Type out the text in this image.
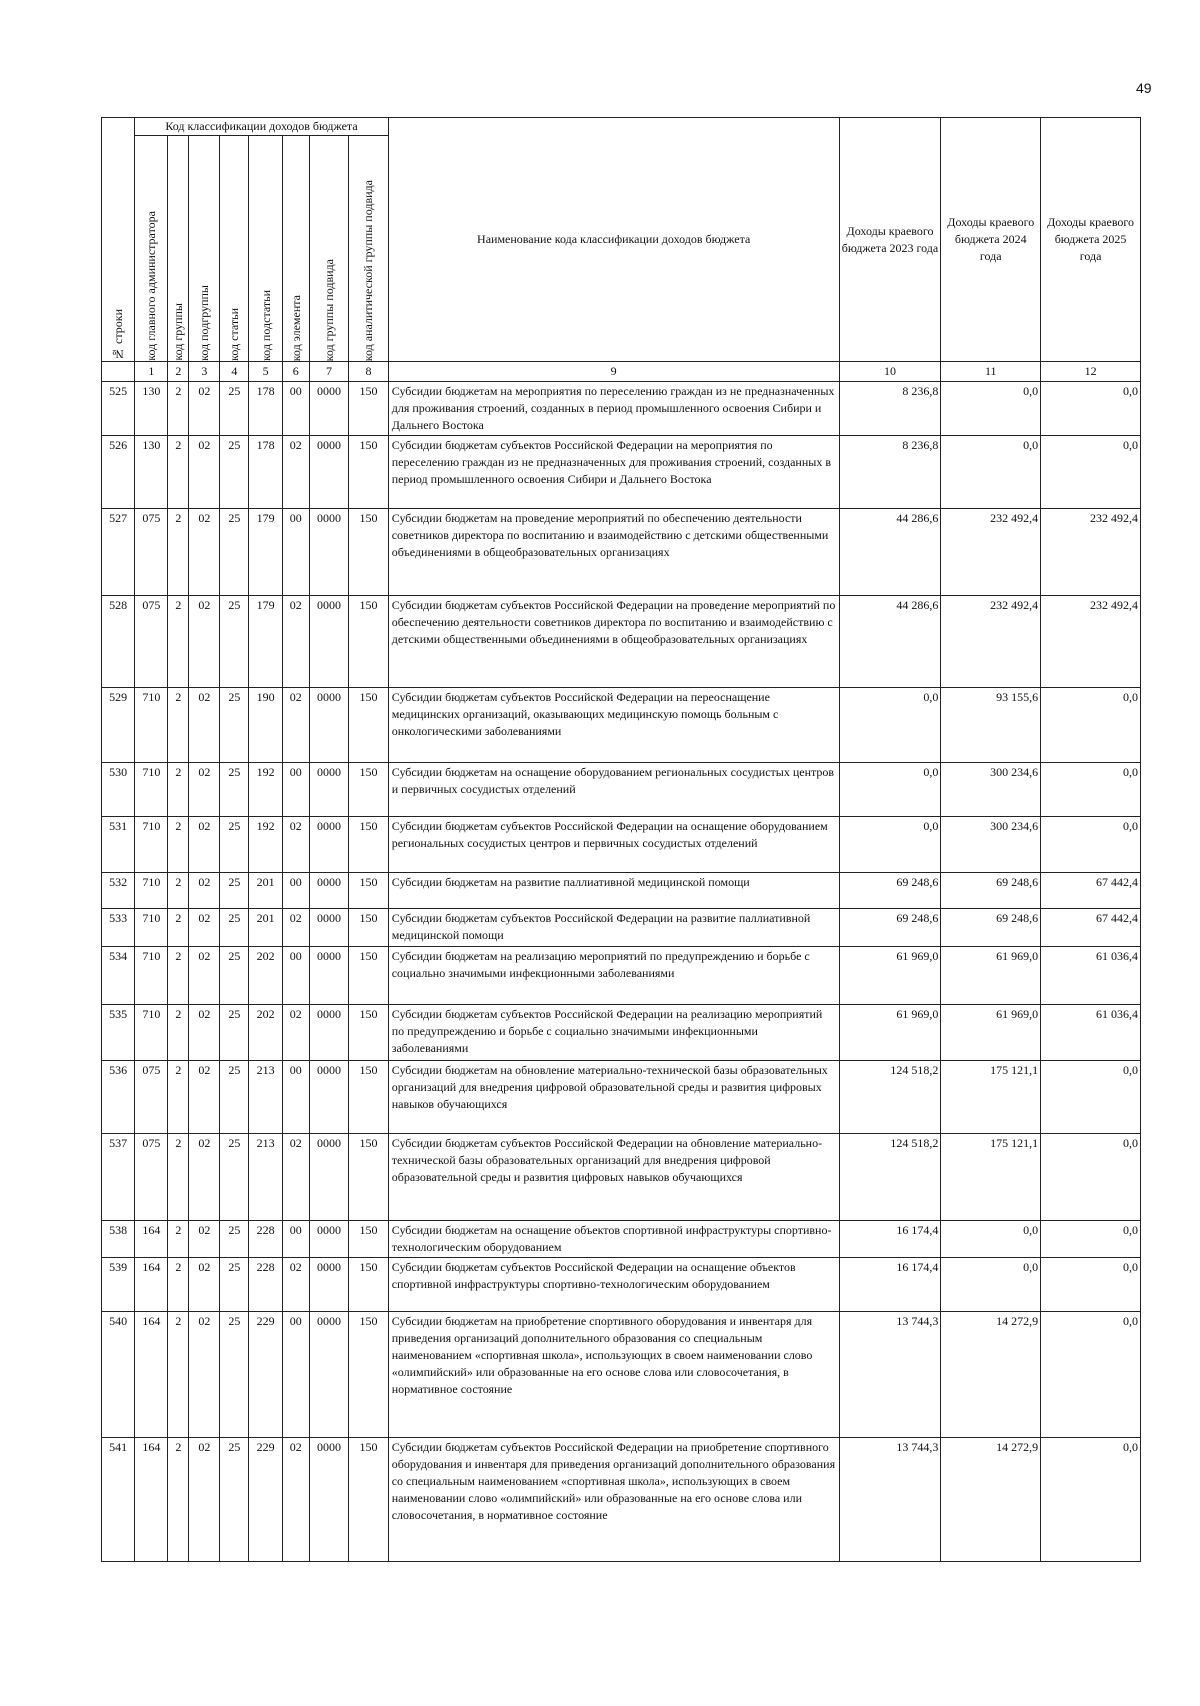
49
№ строки	Код классификации доходов бюджета								Наименование кода классификации доходов бюджета	Доходы краевого бюджета 2023 года	Доходы краевого бюджета 2024 года	Доходы краевого бюджета 2025 года

	код главного администратора	код группы	код подгруппы	код статьи	код подстатьи	код элемента	код группы подвида	код аналитической группы подвида				

	1	2	3	4	5	6	7	8	9	10	11	12
525	130	2	02	25	178	00	0000	150	Субсидии бюджетам на мероприятия по переселению граждан из не предназначенных для проживания строений, созданных в период промышленного освоения Сибири и Дальнего Востока	8 236,8	0,0	0,0
526	130	2	02	25	178	02	0000	150	Субсидии бюджетам субъектов Российской Федерации на мероприятия по переселению граждан из не предназначенных для проживания строений, созданных в период промышленного освоения Сибири и Дальнего Востока	8 236,8	0,0	0,0
527	075	2	02	25	179	00	0000	150	Субсидии бюджетам на проведение мероприятий по обеспечению деятельности советников директора по воспитанию и взаимодействию с детскими общественными объединениями в общеобразовательных организациях	44 286,6	232 492,4	232 492,4
528	075	2	02	25	179	02	0000	150	Субсидии бюджетам субъектов Российской Федерации на проведение мероприятий по обеспечению деятельности советников директора по воспитанию и взаимодействию с детскими общественными объединениями в общеобразовательных организациях	44 286,6	232 492,4	232 492,4
529	710	2	02	25	190	02	0000	150	Субсидии бюджетам субъектов Российской Федерации на переоснащение медицинских организаций, оказывающих медицинскую помощь больным с онкологическими заболеваниями	0,0	93 155,6	0,0
530	710	2	02	25	192	00	0000	150	Субсидии бюджетам на оснащение оборудованием региональных сосудистых центров и первичных сосудистых отделений	0,0	300 234,6	0,0
531	710	2	02	25	192	02	0000	150	Субсидии бюджетам субъектов Российской Федерации на оснащение оборудованием региональных сосудистых центров и первичных сосудистых отделений	0,0	300 234,6	0,0
532	710	2	02	25	201	00	0000	150	Субсидии бюджетам на развитие паллиативной медицинской помощи	69 248,6	69 248,6	67 442,4
533	710	2	02	25	201	02	0000	150	Субсидии бюджетам субъектов Российской Федерации на развитие паллиативной медицинской помощи	69 248,6	69 248,6	67 442,4
534	710	2	02	25	202	00	0000	150	Субсидии бюджетам на реализацию мероприятий по предупреждению и борьбе с социально значимыми инфекционными заболеваниями	61 969,0	61 969,0	61 036,4
535	710	2	02	25	202	02	0000	150	Субсидии бюджетам субъектов Российской Федерации на реализацию мероприятий по предупреждению и борьбе с социально значимыми инфекционными заболеваниями	61 969,0	61 969,0	61 036,4
536	075	2	02	25	213	00	0000	150	Субсидии бюджетам на обновление материально-технической базы образовательных организаций для внедрения цифровой образовательной среды и развития цифровых навыков обучающихся	124 518,2	175 121,1	0,0
537	075	2	02	25	213	02	0000	150	Субсидии бюджетам субъектов Российской Федерации на обновление материально-технической базы образовательных организаций для внедрения цифровой образовательной среды и развития цифровых навыков обучающихся	124 518,2	175 121,1	0,0
538	164	2	02	25	228	00	0000	150	Субсидии бюджетам на оснащение объектов спортивной инфраструктуры спортивно-технологическим оборудованием	16 174,4	0,0	0,0
539	164	2	02	25	228	02	0000	150	Субсидии бюджетам субъектов Российской Федерации на оснащение объектов спортивной инфраструктуры спортивно-технологическим оборудованием	16 174,4	0,0	0,0
540	164	2	02	25	229	00	0000	150	Субсидии бюджетам на приобретение спортивного оборудования и инвентаря для приведения организаций дополнительного образования со специальным наименованием «спортивная школа», использующих в своем наименовании слово «олимпийский» или образованные на его основе слова или словосочетания, в нормативное состояние	13 744,3	14 272,9	0,0
541	164	2	02	25	229	02	0000	150	Субсидии бюджетам субъектов Российской Федерации на приобретение спортивного оборудования и инвентаря для приведения организаций дополнительного образования со специальным наименованием «спортивная школа», использующих в своем наименовании слово «олимпийский» или образованные на его основе слова или словосочетания, в нормативное состояние	13 744,3	14 272,9	0,0
